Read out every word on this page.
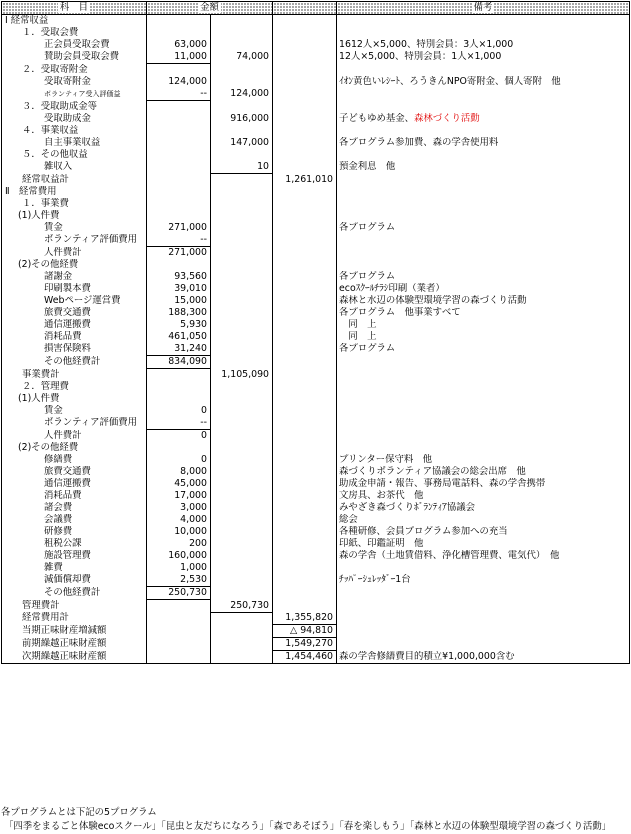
科　目	金額			備考
Ⅰ 経常収益				
１．受取会費				
正会員受取会費	63,000			1612人×5,000、特別会員：3人×1,000
賛助会員受取会費	11,000	74,000		12人×5,000、特別会員：1人×1,000
２．受取寄附金				
受取寄附金	124,000			ｲｵﾝ黄色いﾚｼｰﾄ、ろうきんNPO寄附金、個人寄附　他
ボランティア受入評価益	--	124,000		
３．受取助成金等				
受取助成金		916,000		子どもゆめ基金、森林づくり活動
４．事業収益				
自主事業収益		147,000		各プログラム参加費、森の学舎使用料
５．その他収益				
雑収入		10		預金利息　他
経常収益計			1,261,010	
Ⅱ　経常費用				
１．事業費				
(1)人件費				
賃金	271,000			各プログラム
ボランティア評価費用	--			
人件費計	271,000			
(2)その他経費				
諸謝金	93,560			各プログラム
印刷製本費	39,010			ecoｽｸｰﾙﾁﾗｼ印刷（業者）
Webページ運営費	15,000			森林と水辺の体験型環境学習の森づくり活動
旅費交通費	188,300			各プログラム　他事業すべて
通信運搬費	5,930			　同　上
消耗品費	461,050			　同　上
損害保険料	31,240			各プログラム
その他経費計	834,090			
事業費計		1,105,090		
２．管理費				
(1)人件費				
賃金	0			
ボランティア評価費用	--			
人件費計	0			
(2)その他経費				
修繕費	0			プリンター保守料　他
旅費交通費	8,000			森づくりボランティア協議会の総会出席　他
通信運搬費	45,000			助成金申請・報告、事務局電話料、森の学舎携帯
消耗品費	17,000			文房具、お茶代　他
諸会費	3,000			みやざき森づくりﾎﾞﾗﾝﾃｨｱ協議会
会議費	4,000			総会
研修費	10,000			各種研修、会員プログラム参加への充当
租税公課	200			印紙、印鑑証明　他
施設管理費	160,000			森の学舎（土地賃借料、浄化槽管理費、電気代）　他
雑費	1,000			
減価償却費	2,530			ﾁｯﾊﾟｰｼｭﾚｯﾀﾞｰ1台
その他経費計	250,730			
管理費計		250,730		
経常費用計			1,355,820	
当期正味財産増減額			△ 94,810	
前期繰越正味財産額			1,549,270	
次期繰越正味財産額			1,454,460	森の学舎修繕費目的積立¥1,000,000含む
各プログラムとは下記の5プログラム
「四季をまるごと体験ecoスクール」「昆虫と友だちになろう」「森であそぼう」「春を楽しもう」「森林と水辺の体験型環境学習の森づくり活動」
